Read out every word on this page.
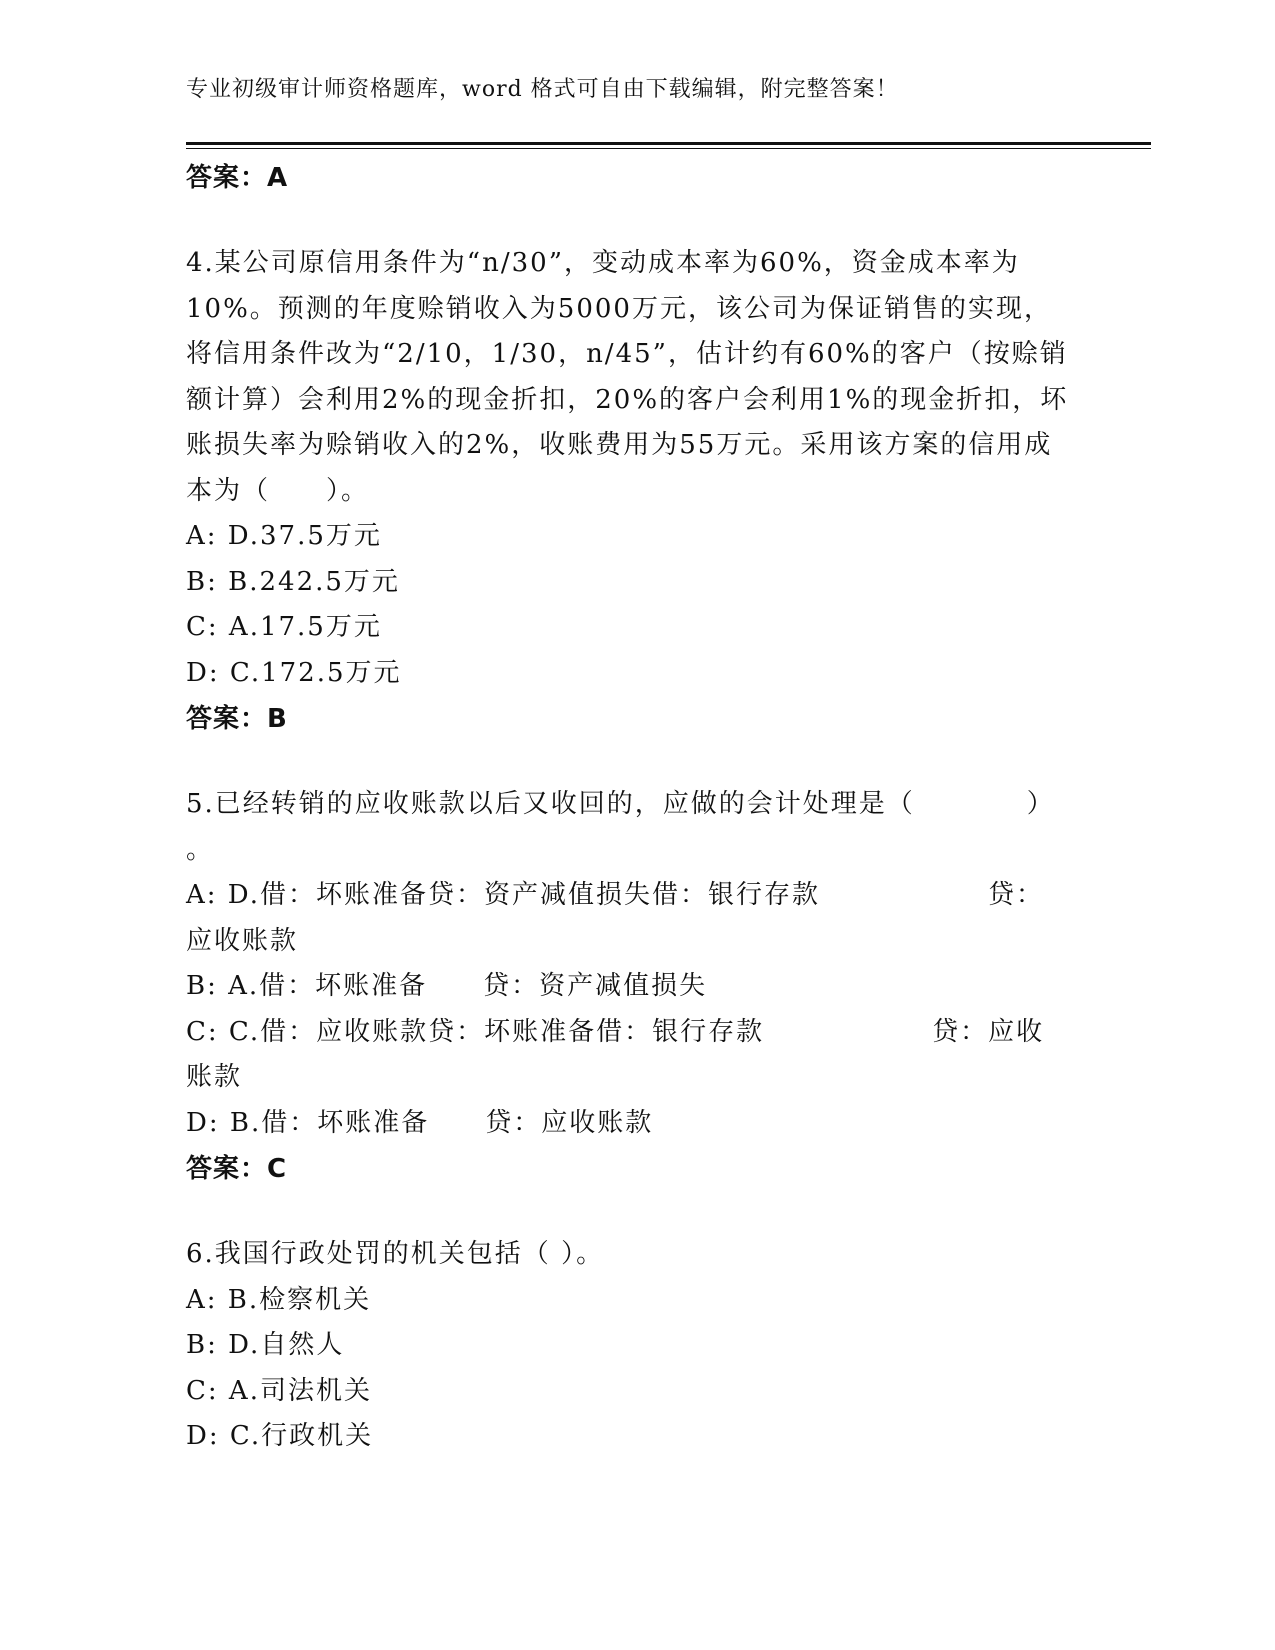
专业初级审计师资格题库，word 格式可自由下载编辑，附完整答案！

答案：A

4.某公司原信用条件为“n/30”，变动成本率为60%，资金成本率为

10%。预测的年度赊销收入为5000万元，该公司为保证销售的实现，

将信用条件改为“2/10，1/30，n/45”，估计约有60%的客户（按赊销

额计算）会利用2%的现金折扣，20%的客户会利用1%的现金折扣，坏

账损失率为赊销收入的2%，收账费用为55万元。采用该方案的信用成

本为（　　）。

A: D.37.5万元

B: B.242.5万元

C: A.17.5万元

D: C.172.5万元

答案：B

5.已经转销的应收账款以后又收回的，应做的会计处理是（　　　　）

。

A: D.借：坏账准备贷：资产减值损失借：银行存款　　　　　　贷：应收账款

B: A.借：坏账准备　　贷：资产减值损失

C: C.借：应收账款贷：坏账准备借：银行存款　　　　　　贷：应收账款

D: B.借：坏账准备　　贷：应收账款

答案：C

6.我国行政处罚的机关包括（ ）。

A: B.检察机关

B: D.自然人

C: A.司法机关

D: C.行政机关
